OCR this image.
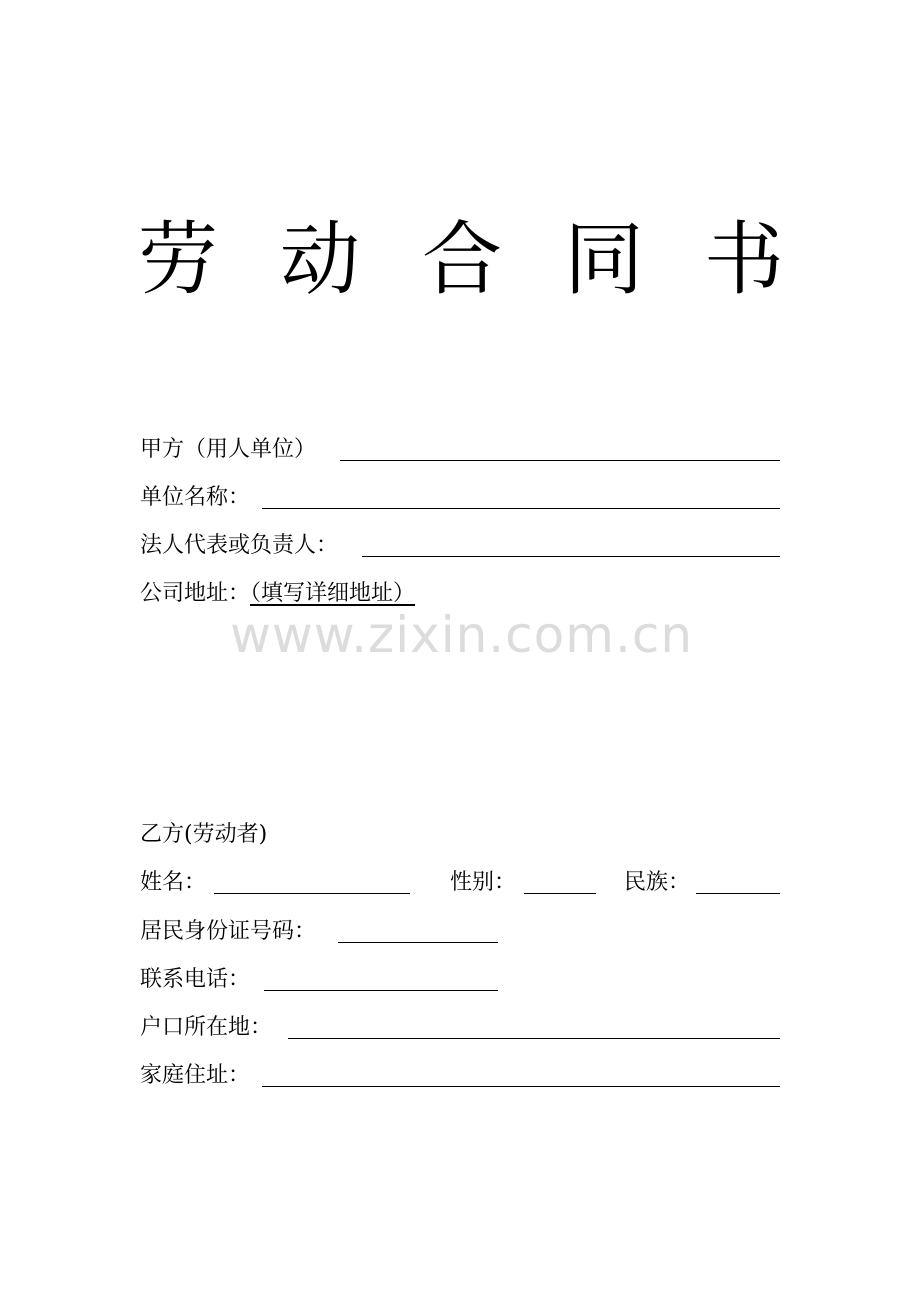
劳 动 合 同 书
甲方（用人单位）
单位名称：
法人代表或负责人：
公司地址：（填写详细地址）
www.zixin.com.cn
乙方(劳动者)
姓名：	性别：	民族：
居民身份证号码：
联系电话：
户口所在地：
家庭住址：
